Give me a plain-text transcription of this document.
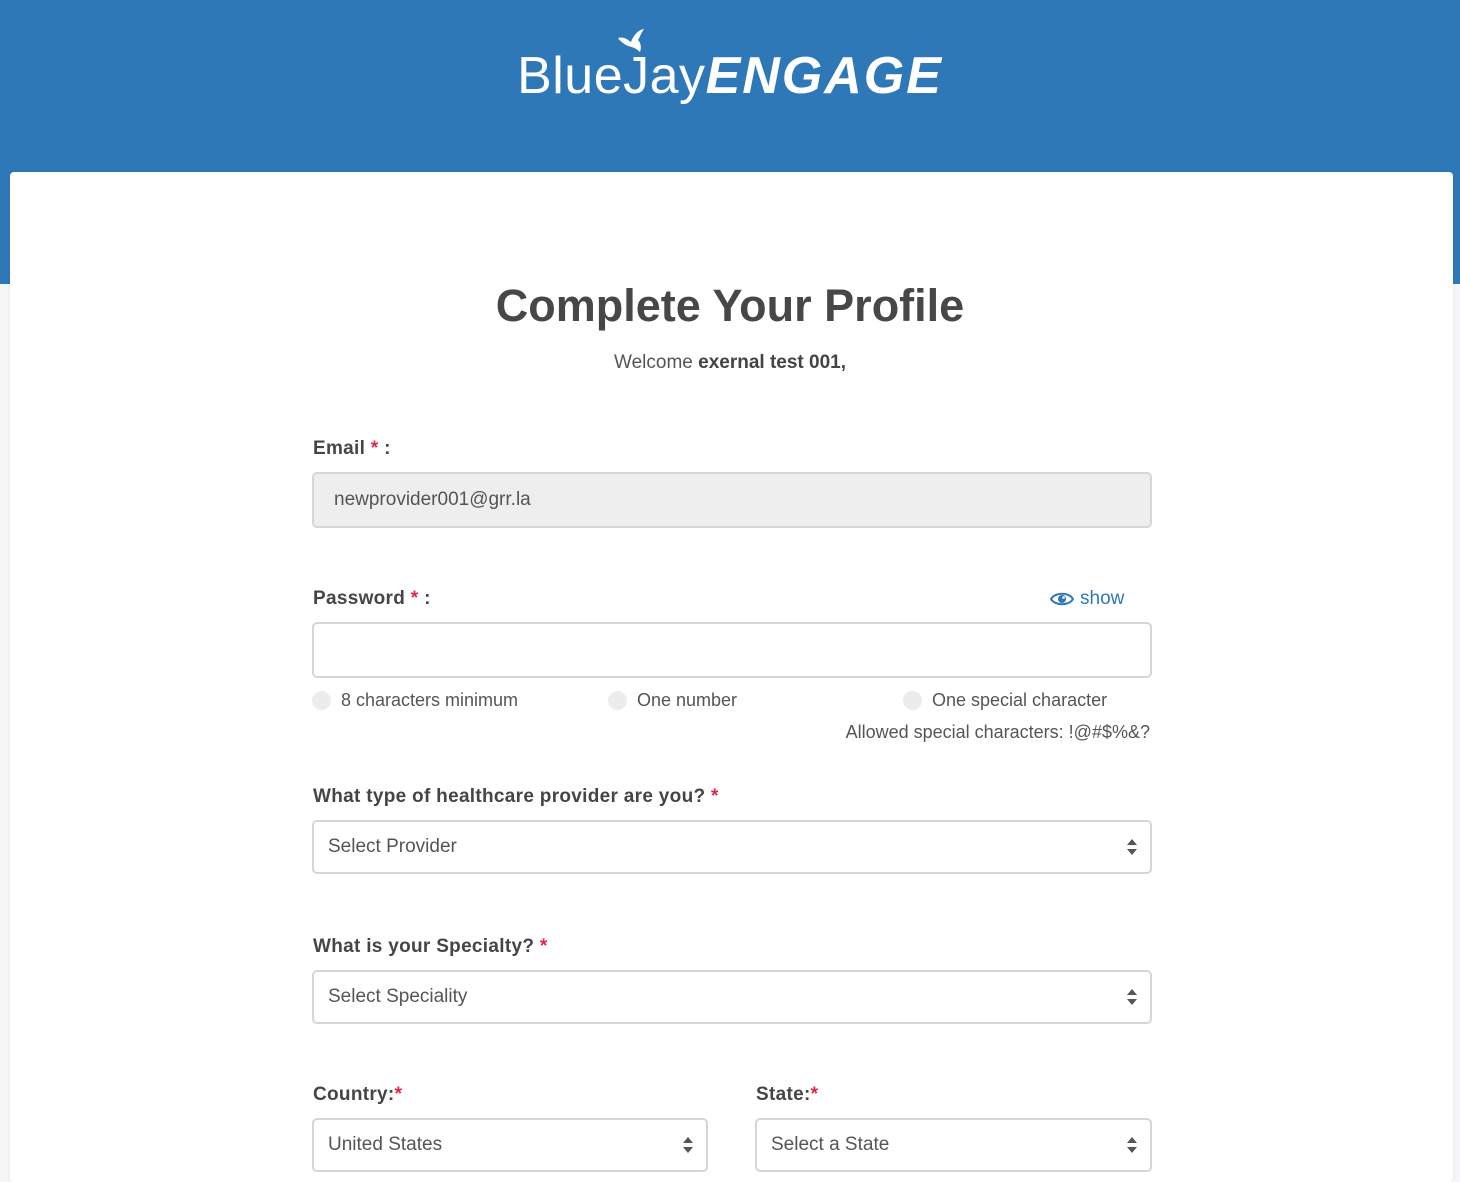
BlueJayENGAGE
Complete Your Profile
Welcome exernal test 001,
Email * :
newprovider001@grr.la
Password * :	show
8 characters minimum	One number	One special character
Allowed special characters: !@#$%&?
What type of healthcare provider are you? *
Select Provider
What is your Specialty? *
Select Speciality
Country:*
United States
State:*
Select a State
